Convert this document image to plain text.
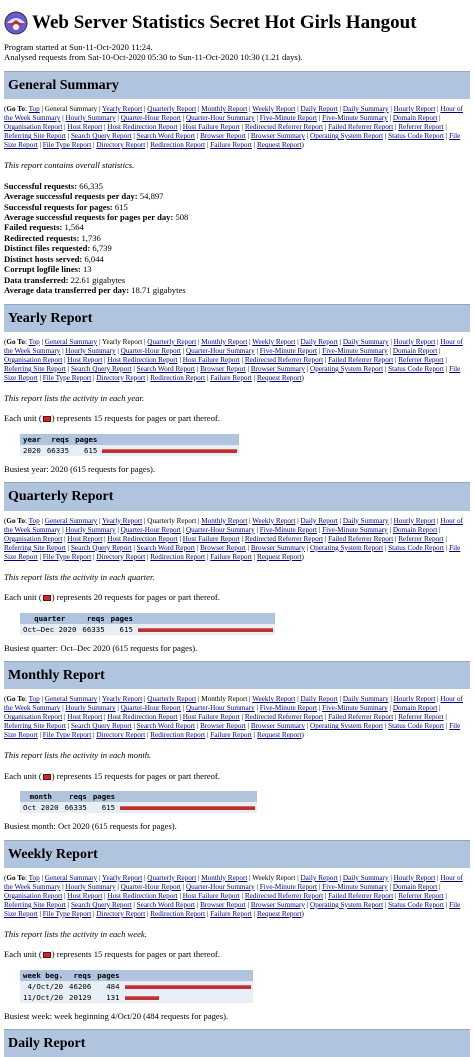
Web Server Statistics Secret Hot Girls Hangout
Program started at Sun-11-Oct-2020 11:24.
Analysed requests from Sat-10-Oct-2020 05:30 to Sun-11-Oct-2020 10:30 (1.21 days).
General Summary
(Go To: Top | General Summary | Yearly Report | Quarterly Report | Monthly Report | Weekly Report | Daily Report | Daily Summary | Hourly Report | Hour of the Week Summary | Hourly Summary | Quarter-Hour Report | Quarter-Hour Summary | Five-Minute Report | Five-Minute Summary | Domain Report | Organisation Report | Host Report | Host Redirection Report | Host Failure Report | Redirected Referrer Report | Failed Referrer Report | Referrer Report | Referring Site Report | Search Query Report | Search Word Report | Browser Report | Browser Summary | Operating System Report | Status Code Report | File Size Report | File Type Report | Directory Report | Redirection Report | Failure Report | Request Report)
This report contains overall statistics.
Successful requests: 66,335
Average successful requests per day: 54,897
Successful requests for pages: 615
Average successful requests for pages per day: 508
Failed requests: 1,564
Redirected requests: 1,736
Distinct files requested: 6,739
Distinct hosts served: 6,044
Corrupt logfile lines: 13
Data transferred: 22.61 gigabytes
Average data transferred per day: 18.71 gigabytes
Yearly Report
(Go To: Top | General Summary | Yearly Report | Quarterly Report | Monthly Report | Weekly Report | Daily Report | Daily Summary | Hourly Report | Hour of the Week Summary | Hourly Summary | Quarter-Hour Report | Quarter-Hour Summary | Five-Minute Report | Five-Minute Summary | Domain Report | Organisation Report | Host Report | Host Redirection Report | Host Failure Report | Redirected Referrer Report | Failed Referrer Report | Referrer Report | Referring Site Report | Search Query Report | Search Word Report | Browser Report | Browser Summary | Operating System Report | Status Code Report | File Size Report | File Type Report | Directory Report | Redirection Report | Failure Report | Request Report)
This report lists the activity in each year.
Each unit ( ) represents 15 requests for pages or part thereof.
year	reqs	pages	
2020	66335	615	
Busiest year: 2020 (615 requests for pages).
Quarterly Report
(Go To: Top | General Summary | Yearly Report | Quarterly Report | Monthly Report | Weekly Report | Daily Report | Daily Summary | Hourly Report | Hour of the Week Summary | Hourly Summary | Quarter-Hour Report | Quarter-Hour Summary | Five-Minute Report | Five-Minute Summary | Domain Report | Organisation Report | Host Report | Host Redirection Report | Host Failure Report | Redirected Referrer Report | Failed Referrer Report | Referrer Report | Referring Site Report | Search Query Report | Search Word Report | Browser Report | Browser Summary | Operating System Report | Status Code Report | File Size Report | File Type Report | Directory Report | Redirection Report | Failure Report | Request Report)
This report lists the activity in each quarter.
Each unit ( ) represents 20 requests for pages or part thereof.
quarter	reqs	pages	
Oct–Dec 2020	66335	615	
Busiest quarter: Oct–Dec 2020 (615 requests for pages).
Monthly Report
(Go To: Top | General Summary | Yearly Report | Quarterly Report | Monthly Report | Weekly Report | Daily Report | Daily Summary | Hourly Report | Hour of the Week Summary | Hourly Summary | Quarter-Hour Report | Quarter-Hour Summary | Five-Minute Report | Five-Minute Summary | Domain Report | Organisation Report | Host Report | Host Redirection Report | Host Failure Report | Redirected Referrer Report | Failed Referrer Report | Referrer Report | Referring Site Report | Search Query Report | Search Word Report | Browser Report | Browser Summary | Operating System Report | Status Code Report | File Size Report | File Type Report | Directory Report | Redirection Report | Failure Report | Request Report)
This report lists the activity in each month.
Each unit ( ) represents 15 requests for pages or part thereof.
month	reqs	pages	
Oct 2020	66335	615	
Busiest month: Oct 2020 (615 requests for pages).
Weekly Report
(Go To: Top | General Summary | Yearly Report | Quarterly Report | Monthly Report | Weekly Report | Daily Report | Daily Summary | Hourly Report | Hour of the Week Summary | Hourly Summary | Quarter-Hour Report | Quarter-Hour Summary | Five-Minute Report | Five-Minute Summary | Domain Report | Organisation Report | Host Report | Host Redirection Report | Host Failure Report | Redirected Referrer Report | Failed Referrer Report | Referrer Report | Referring Site Report | Search Query Report | Search Word Report | Browser Report | Browser Summary | Operating System Report | Status Code Report | File Size Report | File Type Report | Directory Report | Redirection Report | Failure Report | Request Report)
This report lists the activity in each week.
Each unit ( ) represents 15 requests for pages or part thereof.
week beg.	reqs	pages	
4/Oct/20	46206	484	
11/Oct/20	20129	131	
Busiest week: week beginning 4/Oct/20 (484 requests for pages).
Daily Report
